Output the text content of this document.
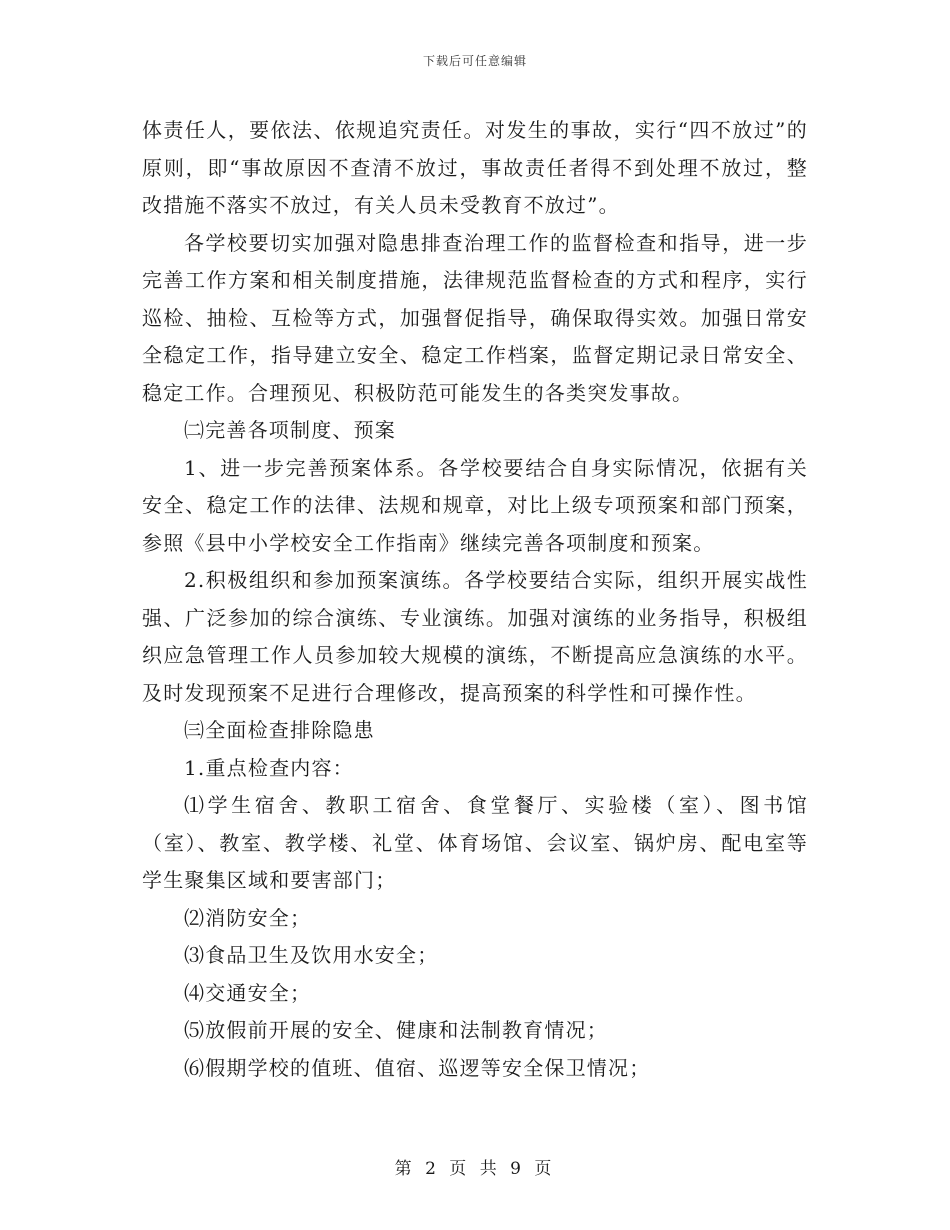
下载后可任意编辑

体责任人，要依法、依规追究责任。对发生的事故，实行“四不放过”的原则，即“事故原因不查清不放过，事故责任者得不到处理不放过，整改措施不落实不放过，有关人员未受教育不放过”。

各学校要切实加强对隐患排查治理工作的监督检查和指导，进一步完善工作方案和相关制度措施，法律规范监督检查的方式和程序，实行巡检、抽检、互检等方式，加强督促指导，确保取得实效。加强日常安全稳定工作，指导建立安全、稳定工作档案，监督定期记录日常安全、稳定工作。合理预见、积极防范可能发生的各类突发事故。

㈡完善各项制度、预案

1、进一步完善预案体系。各学校要结合自身实际情况，依据有关安全、稳定工作的法律、法规和规章，对比上级专项预案和部门预案，参照《县中小学校安全工作指南》继续完善各项制度和预案。

2.积极组织和参加预案演练。各学校要结合实际，组织开展实战性强、广泛参加的综合演练、专业演练。加强对演练的业务指导，积极组织应急管理工作人员参加较大规模的演练，不断提高应急演练的水平。及时发现预案不足进行合理修改，提高预案的科学性和可操作性。

㈢全面检查排除隐患

1.重点检查内容：

⑴学生宿舍、教职工宿舍、食堂餐厅、实验楼（室）、图书馆（室）、教室、教学楼、礼堂、体育场馆、会议室、锅炉房、配电室等学生聚集区域和要害部门；

⑵消防安全；

⑶食品卫生及饮用水安全；

⑷交通安全；

⑸放假前开展的安全、健康和法制教育情况；

⑹假期学校的值班、值宿、巡逻等安全保卫情况；

第 2 页 共 9 页
